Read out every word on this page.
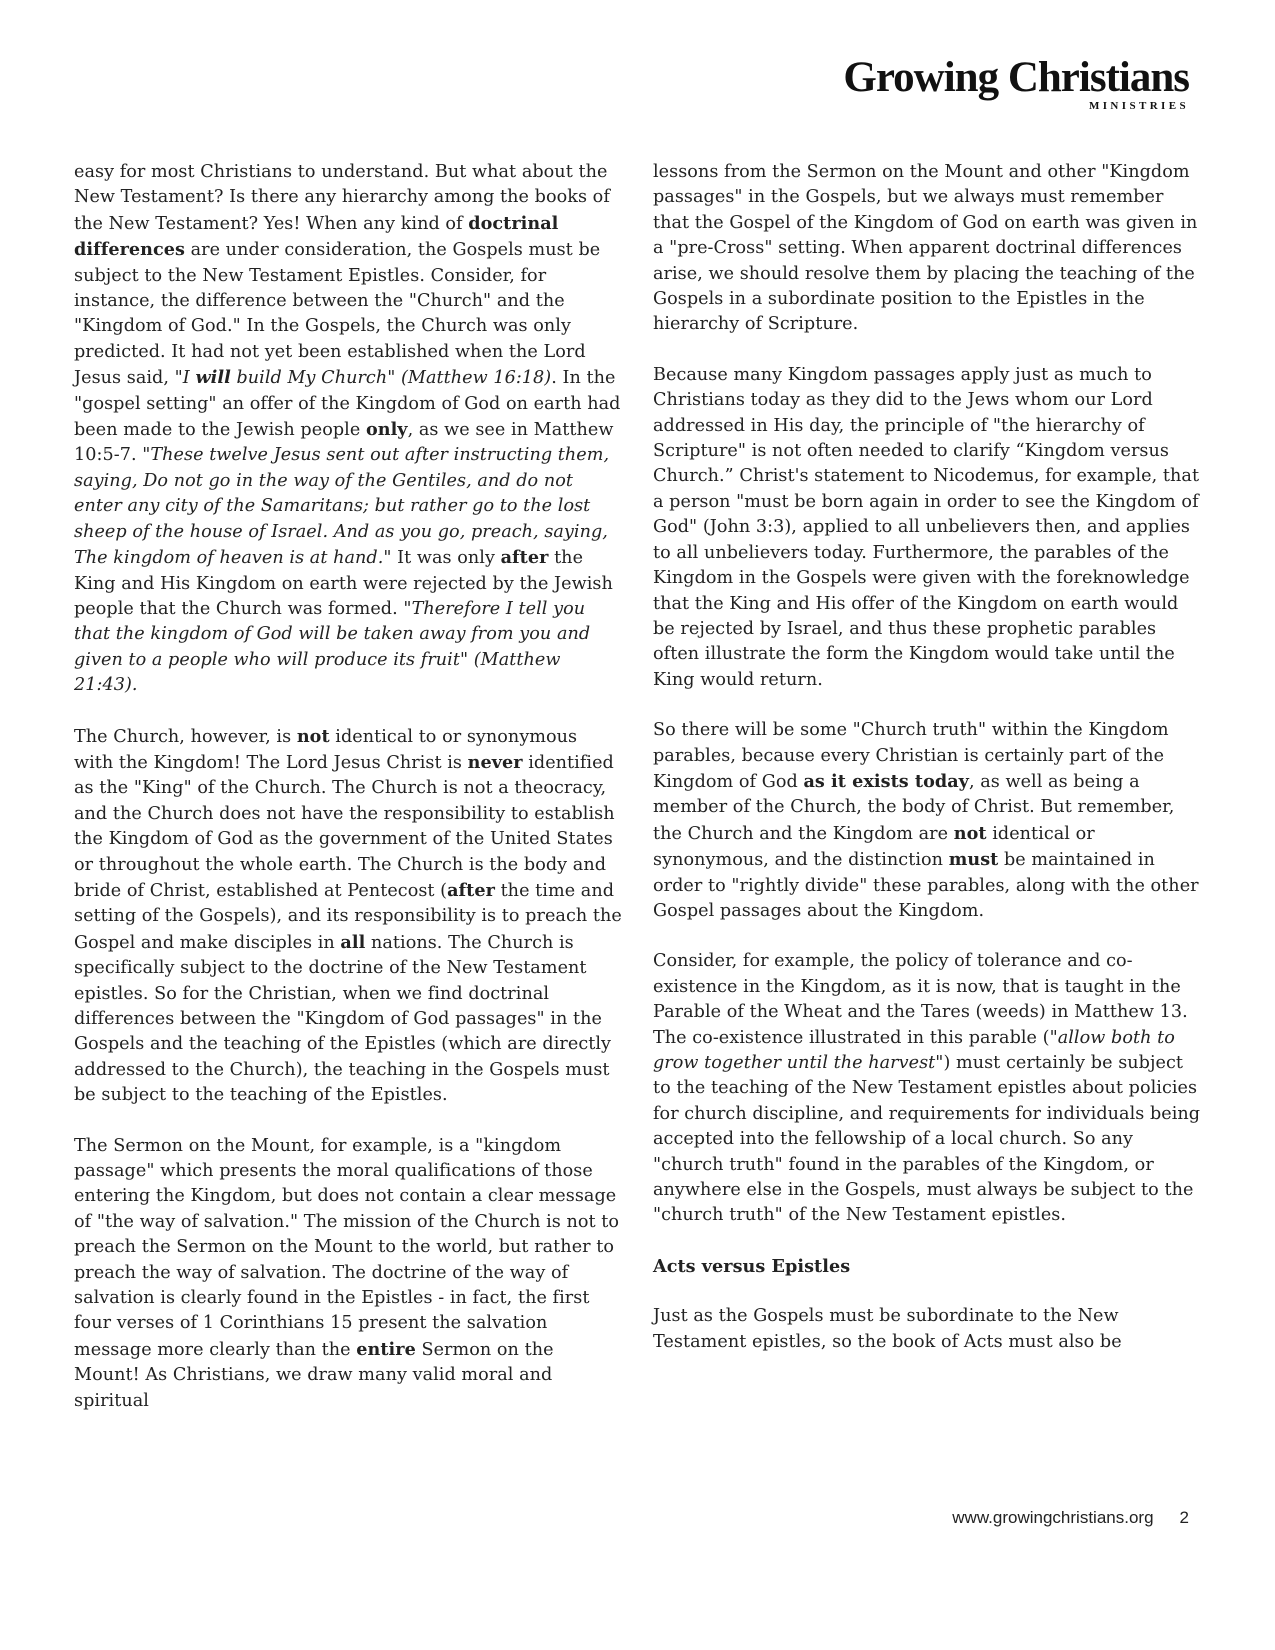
Growing Christians
MINISTRIES

easy for most Christians to understand. But what about the New Testament? Is there any hierarchy among the books of the New Testament? Yes! When any kind of doctrinal differences are under consideration, the Gospels must be subject to the New Testament Epistles. Consider, for instance, the difference between the "Church" and the "Kingdom of God." In the Gospels, the Church was only predicted. It had not yet been established when the Lord Jesus said, "I will build My Church" (Matthew 16:18). In the "gospel setting" an offer of the Kingdom of God on earth had been made to the Jewish people only, as we see in Matthew 10:5-7. "These twelve Jesus sent out after instructing them, saying, Do not go in the way of the Gentiles, and do not enter any city of the Samaritans; but rather go to the lost sheep of the house of Israel. And as you go, preach, saying, The kingdom of heaven is at hand." It was only after the King and His Kingdom on earth were rejected by the Jewish people that the Church was formed. "Therefore I tell you that the kingdom of God will be taken away from you and given to a people who will produce its fruit" (Matthew 21:43).

The Church, however, is not identical to or synonymous with the Kingdom! The Lord Jesus Christ is never identified as the "King" of the Church. The Church is not a theocracy, and the Church does not have the responsibility to establish the Kingdom of God as the government of the United States or throughout the whole earth. The Church is the body and bride of Christ, established at Pentecost (after the time and setting of the Gospels), and its responsibility is to preach the Gospel and make disciples in all nations. The Church is specifically subject to the doctrine of the New Testament epistles. So for the Christian, when we find doctrinal differences between the "Kingdom of God passages" in the Gospels and the teaching of the Epistles (which are directly addressed to the Church), the teaching in the Gospels must be subject to the teaching of the Epistles.

The Sermon on the Mount, for example, is a "kingdom passage" which presents the moral qualifications of those entering the Kingdom, but does not contain a clear message of "the way of salvation." The mission of the Church is not to preach the Sermon on the Mount to the world, but rather to preach the way of salvation. The doctrine of the way of salvation is clearly found in the Epistles - in fact, the first four verses of 1 Corinthians 15 present the salvation message more clearly than the entire Sermon on the Mount! As Christians, we draw many valid moral and spiritual

lessons from the Sermon on the Mount and other "Kingdom passages" in the Gospels, but we always must remember that the Gospel of the Kingdom of God on earth was given in a "pre-Cross" setting. When apparent doctrinal differences arise, we should resolve them by placing the teaching of the Gospels in a subordinate position to the Epistles in the hierarchy of Scripture.

Because many Kingdom passages apply just as much to Christians today as they did to the Jews whom our Lord addressed in His day, the principle of "the hierarchy of Scripture" is not often needed to clarify “Kingdom versus Church.” Christ's statement to Nicodemus, for example, that a person "must be born again in order to see the Kingdom of God" (John 3:3), applied to all unbelievers then, and applies to all unbelievers today. Furthermore, the parables of the Kingdom in the Gospels were given with the foreknowledge that the King and His offer of the Kingdom on earth would be rejected by Israel, and thus these prophetic parables often illustrate the form the Kingdom would take until the King would return.

So there will be some "Church truth" within the Kingdom parables, because every Christian is certainly part of the Kingdom of God as it exists today, as well as being a member of the Church, the body of Christ. But remember, the Church and the Kingdom are not identical or synonymous, and the distinction must be maintained in order to "rightly divide" these parables, along with the other Gospel passages about the Kingdom.

Consider, for example, the policy of tolerance and co-existence in the Kingdom, as it is now, that is taught in the Parable of the Wheat and the Tares (weeds) in Matthew 13. The co-existence illustrated in this parable ("allow both to grow together until the harvest") must certainly be subject to the teaching of the New Testament epistles about policies for church discipline, and requirements for individuals being accepted into the fellowship of a local church. So any "church truth" found in the parables of the Kingdom, or anywhere else in the Gospels, must always be subject to the "church truth" of the New Testament epistles.

Acts versus Epistles

Just as the Gospels must be subordinate to the New Testament epistles, so the book of Acts must also be

www.growingchristians.org 2
